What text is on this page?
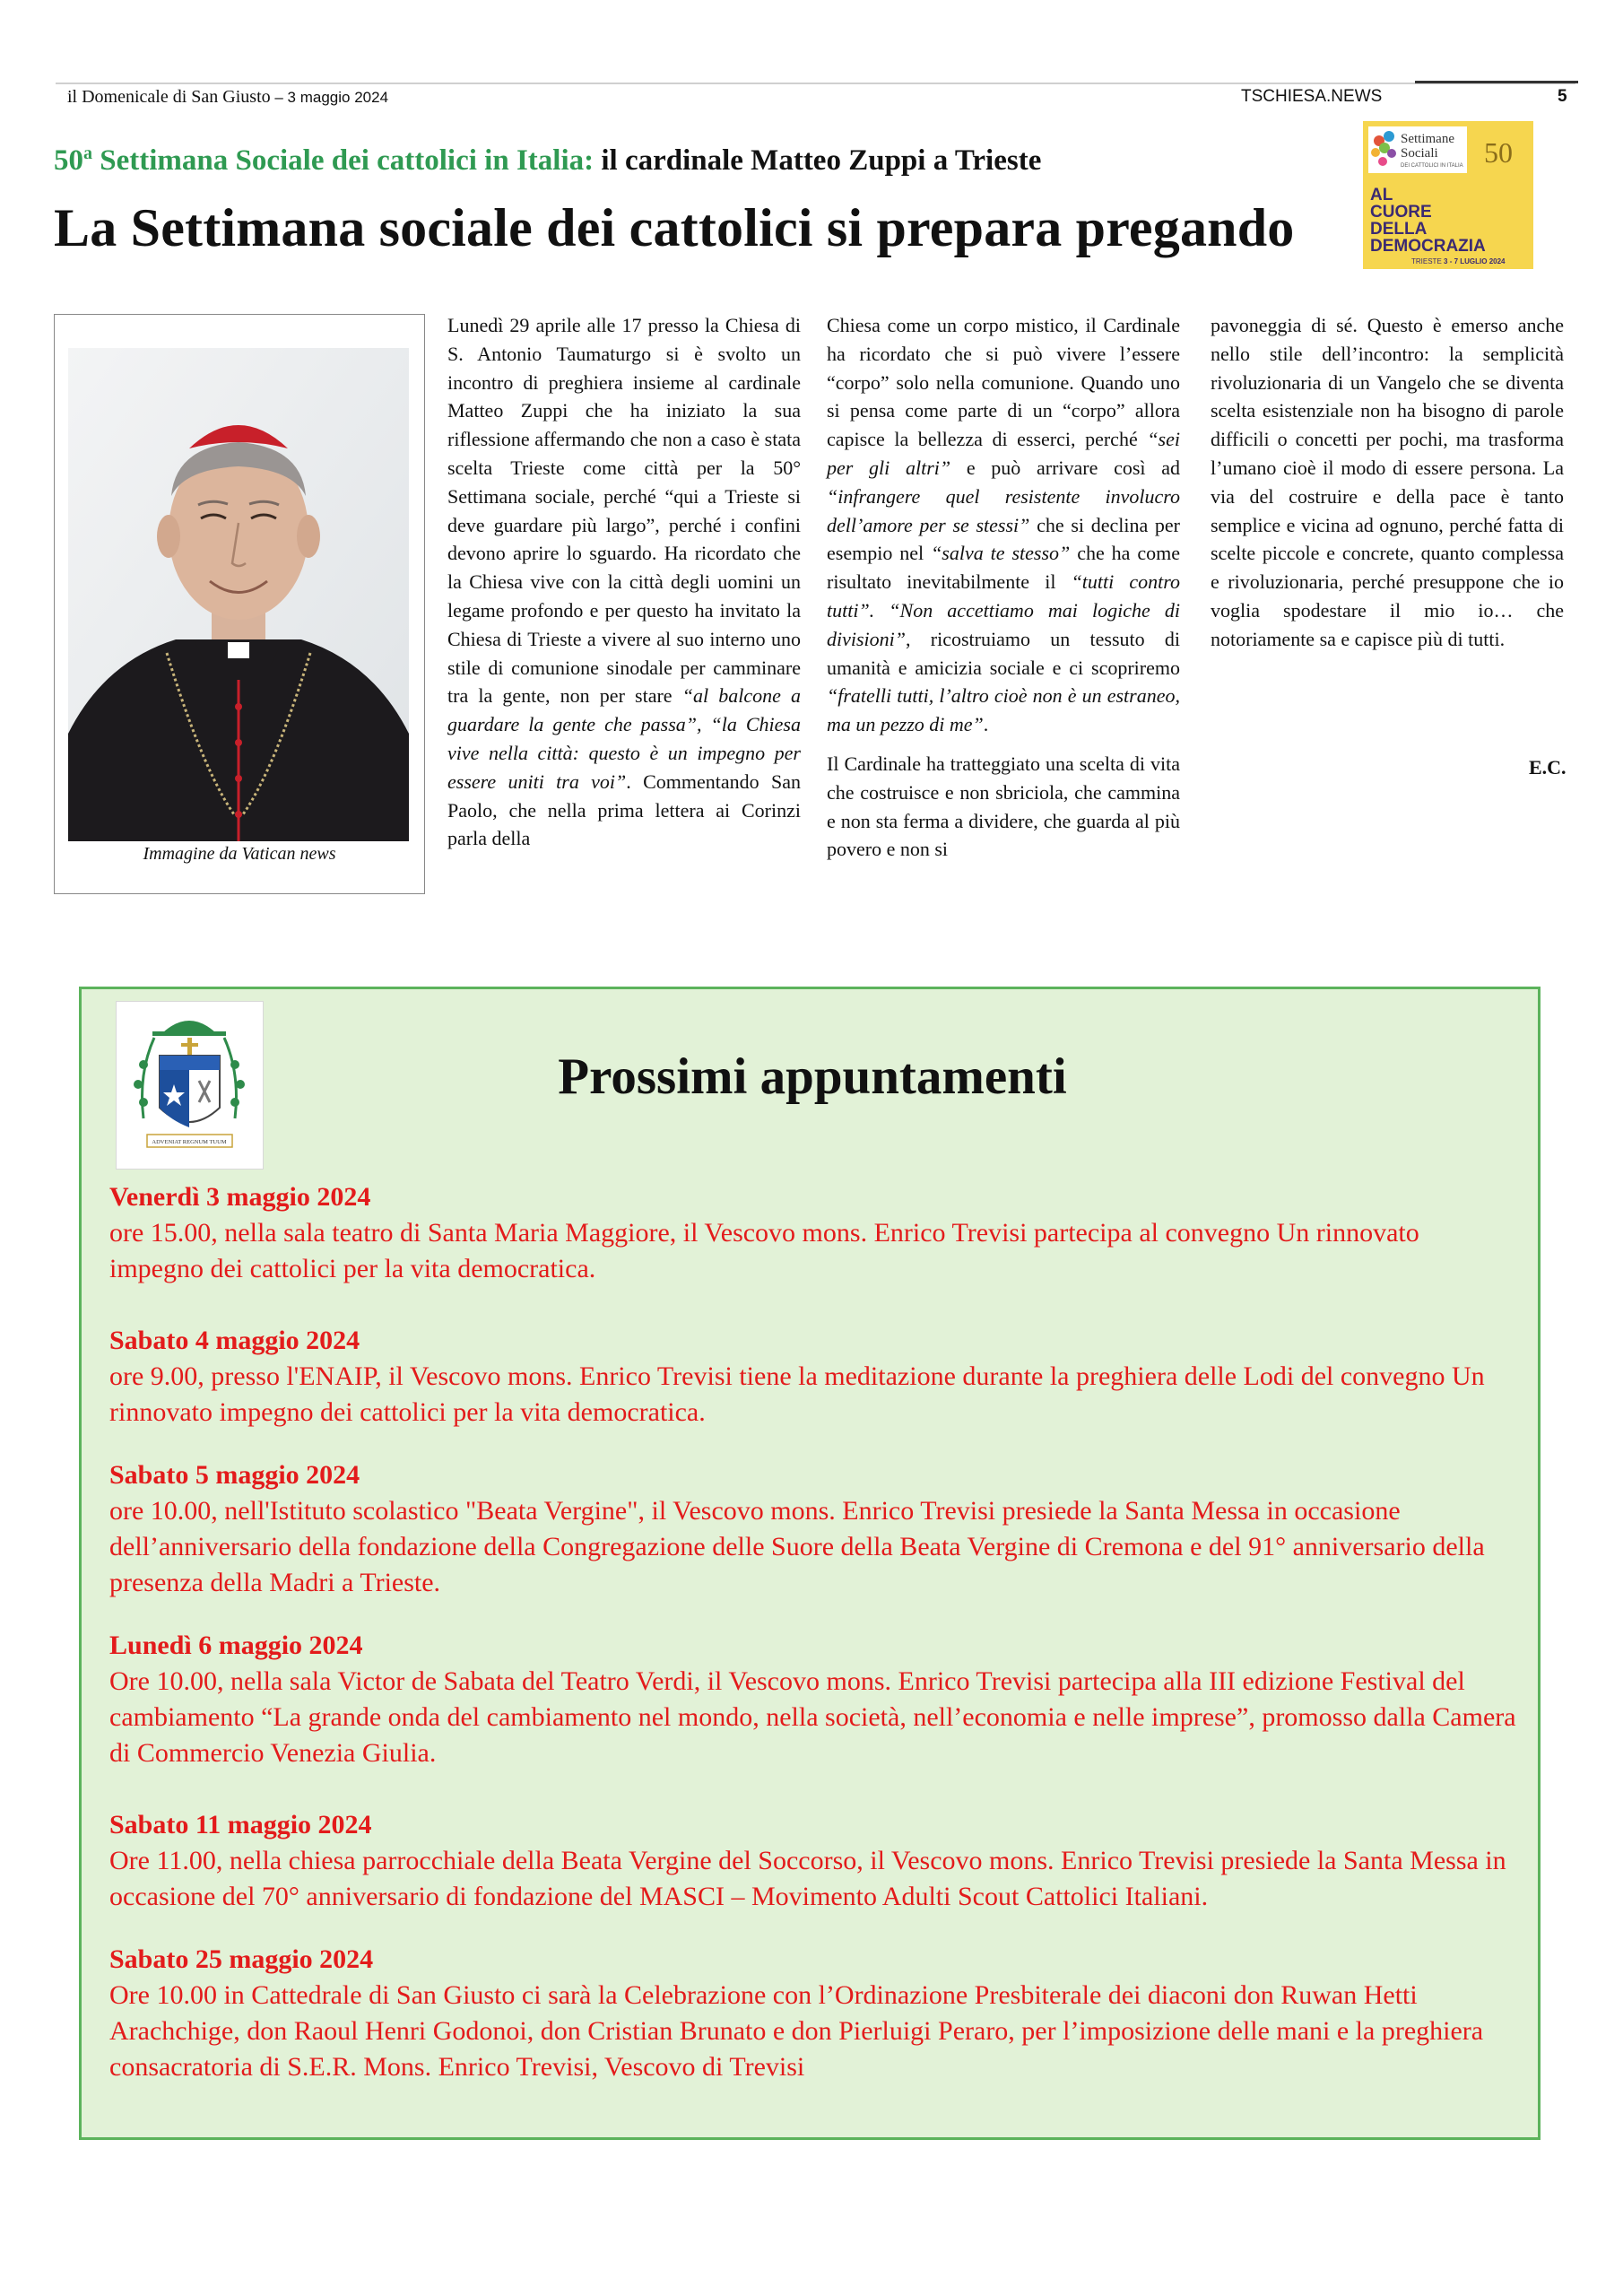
il Domenicale di San Giusto – 3 maggio 2024	TSCHIESA.NEWS	5
50$^a$ Settimana Sociale dei cattolici in Italia: il cardinale Matteo Zuppi a Trieste
La Settimana sociale dei cattolici si prepara pregando
Settimane
Sociali
DEI CATTOLICI IN ITALIA 50
AL
CUORE
DELLA
DEMOCRAZIA
TRIESTE 3 - 7 LUGLIO 2024
Immagine da Vatican news

Lunedì 29 aprile alle 17 presso la Chiesa di S. Antonio Taumaturgo si è svolto un incontro di preghiera insieme al cardinale Matteo Zuppi che ha iniziato la sua riflessione affermando che non a caso è stata scelta Trieste come città per la 50° Settimana sociale, perché “qui a Trieste si deve guardare più largo”, perché i confini devono aprire lo sguardo. Ha ricordato che la Chiesa vive con la città degli uomini un legame profondo e per questo ha invitato la Chiesa di Trieste a vivere al suo interno uno stile di comunione sinodale per camminare tra la gente, non per stare “al balcone a guardare la gente che passa”, “la Chiesa vive nella città: questo è un impegno per essere uniti tra voi”. Commentando San Paolo, che nella prima lettera ai Corinzi parla della

Chiesa come un corpo mistico, il Cardinale ha ricordato che si può vivere l’essere “corpo” solo nella comunione. Quando uno si pensa come parte di un “corpo” allora capisce la bellezza di esserci, perché “sei per gli altri” e può arrivare così ad “infrangere quel resistente involucro dell’amore per se stessi” che si declina per esempio nel “salva te stesso” che ha come risultato inevitabilmente il “tutti contro tutti”. “Non accettiamo mai logiche di divisioni”, ricostruiamo un tessuto di umanità e amicizia sociale e ci scopriremo “fratelli tutti, l’altro cioè non è un estraneo, ma un pezzo di me”.

Il Cardinale ha tratteggiato una scelta di vita che costruisce e non sbriciola, che cammina e non sta ferma a dividere, che guarda al più povero e non si

pavoneggia di sé. Questo è emerso anche nello stile dell’incontro: la semplicità rivoluzionaria di un Vangelo che se diventa scelta esistenziale non ha bisogno di parole difficili o concetti per pochi, ma trasforma l’umano cioè il modo di essere persona. La via del costruire e della pace è tanto semplice e vicina ad ognuno, perché fatta di scelte piccole e concrete, quanto complessa e rivoluzionaria, perché presuppone che io voglia spodestare il mio io… che notoriamente sa e capisce più di tutti.

E.C.
ADVENIAT REGNUM TUUM
Prossimi appuntamenti
Venerdì 3 maggio 2024
ore 15.00, nella sala teatro di Santa Maria Maggiore, il Vescovo mons. Enrico Trevisi partecipa al convegno Un rinnovato impegno dei cattolici per la vita democratica.
Sabato 4 maggio 2024
ore 9.00, presso l'ENAIP, il Vescovo mons. Enrico Trevisi tiene la meditazione durante la preghiera delle Lodi del convegno Un rinnovato impegno dei cattolici per la vita democratica.
Sabato 5 maggio 2024
ore 10.00, nell'Istituto scolastico "Beata Vergine", il Vescovo mons. Enrico Trevisi presiede la Santa Messa in occasione dell’anniversario della fondazione della Congregazione delle Suore della Beata Vergine di Cremona e del 91° anniversario della presenza della Madri a Trieste.
Lunedì 6 maggio 2024
Ore 10.00, nella sala Victor de Sabata del Teatro Verdi, il Vescovo mons. Enrico Trevisi partecipa alla III edizione Festival del cambiamento “La grande onda del cambiamento nel mondo, nella società, nell’economia e nelle imprese”, promosso dalla Camera di Commercio Venezia Giulia.
Sabato 11 maggio 2024
Ore 11.00, nella chiesa parrocchiale della Beata Vergine del Soccorso, il Vescovo mons. Enrico Trevisi presiede la Santa Messa in occasione del 70° anniversario di fondazione del MASCI – Movimento Adulti Scout Cattolici Italiani.
Sabato 25 maggio 2024
Ore 10.00 in Cattedrale di San Giusto ci sarà la Celebrazione con l’Ordinazione Presbiterale dei diaconi don Ruwan Hetti Arachchige, don Raoul Henri Godonoi, don Cristian Brunato e don Pierluigi Peraro, per l’imposizione delle mani e la preghiera consacratoria di S.E.R. Mons. Enrico Trevisi, Vescovo di Trevisi
